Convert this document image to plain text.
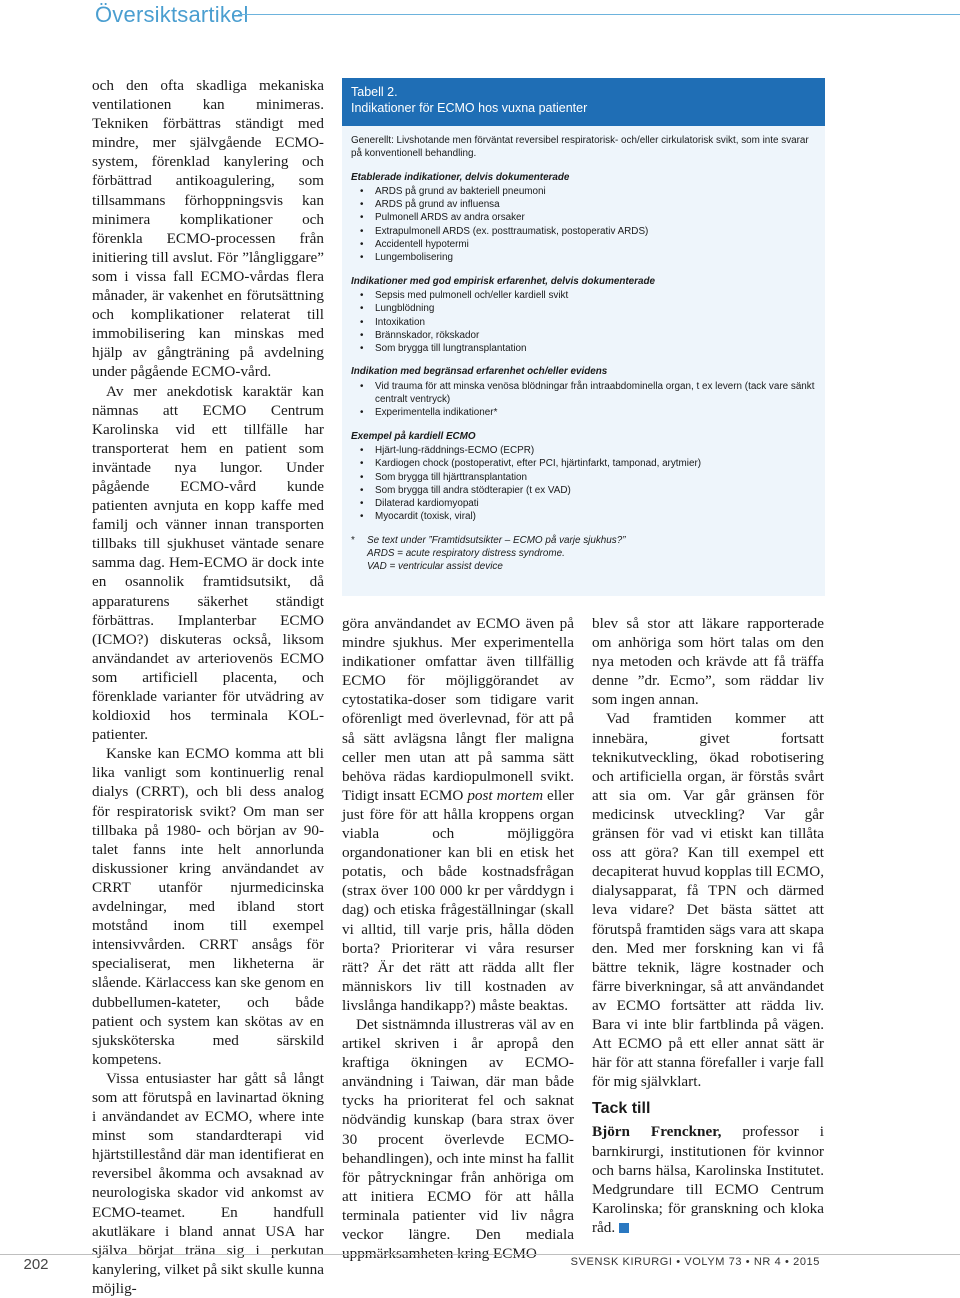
Översiktsartikel

och den ofta skadliga mekaniska ventilationen kan minimeras. Tekniken förbättras ständigt med mindre, mer självgående ECMO-system, förenklad kanylering och förbättrad antikoagulering, som tillsammans förhoppningsvis kan minimera komplikationer och förenkla ECMO-processen från initiering till avslut. För ”långliggare” som i vissa fall ECMO-vårdas flera månader, är vakenhet en förutsättning och komplikationer relaterat till immobilisering kan minskas med hjälp av gångträning på avdelning under pågående ECMO-vård.

Av mer anekdotisk karaktär kan nämnas att ECMO Centrum Karolinska vid ett tillfälle har transporterat hem en patient som inväntade nya lungor. Under pågående ECMO-vård kunde patienten avnjuta en kopp kaffe med familj och vänner innan transporten tillbaks till sjukhuset väntade senare samma dag. Hem-ECMO är dock inte en osannolik framtidsutsikt, då apparaturens säkerhet ständigt förbättras. Implanterbar ECMO (ICMO?) diskuteras också, liksom användandet av arteriovenös ECMO som artificiell placenta, och förenklade varianter för utvädring av koldioxid hos terminala KOL-patienter.

Kanske kan ECMO komma att bli lika vanligt som kontinuerlig renal dialys (CRRT), och bli dess analog för respiratorisk svikt? Om man ser tillbaka på 1980- och början av 90-talet fanns inte helt annorlunda diskussioner kring användandet av CRRT utanför njurmedicinska avdelningar, med ibland stort motstånd inom till exempel intensivvården. CRRT ansågs för specialiserat, men likheterna är slående. Kärlaccess kan ske genom en dubbellumen-kateter, och både patient och system kan skötas av en sjuksköterska med särskild kompetens.

Vissa entusiaster har gått så långt som att förutspå en lavinartad ökning i användandet av ECMO, where inte minst som standardterapi vid hjärtstillestånd där man identifierat en reversibel åkomma och avsaknad av neurologiska skador vid ankomst av ECMO-teamet. En handfull akutläkare i bland annat USA har själva börjat träna sig i perkutan kanylering, vilket på sikt skulle kunna möjlig-

Tabell 2.
Indikationer för ECMO hos vuxna patienter

Generellt: Livshotande men förväntat reversibel respiratorisk- och/eller cirkulatorisk svikt, som inte svarar på konventionell behandling.

Etablerade indikationer, delvis dokumenterade
• ARDS på grund av bakteriell pneumoni
• ARDS på grund av influensa
• Pulmonell ARDS av andra orsaker
• Extrapulmonell ARDS (ex. posttraumatisk, postoperativ ARDS)
• Accidentell hypotermi
• Lungembolisering
Indikationer med god empirisk erfarenhet, delvis dokumenterade
• Sepsis med pulmonell och/eller kardiell svikt
• Lungblödning
• Intoxikation
• Brännskador, rökskador
• Som brygga till lungtransplantation
Indikation med begränsad erfarenhet och/eller evidens
• Vid trauma för att minska venösa blödningar från intraabdominella organ, t ex levern (tack vare sänkt centralt ventryck)
• Experimentella indikationer*
Exempel på kardiell ECMO
• Hjärt-lung-räddnings-ECMO (ECPR)
• Kardiogen chock (postoperativt, efter PCI, hjärtinfarkt, tamponad, arytmier)
• Som brygga till hjärttransplantation
• Som brygga till andra stödterapier (t ex VAD)
• Dilaterad kardiomyopati
• Myocardit (toxisk, viral)
* Se text under ”Framtidsutsikter – ECMO på varje sjukhus?”
ARDS = acute respiratory distress syndrome.
VAD = ventricular assist device

göra användandet av ECMO även på mindre sjukhus. Mer experimentella indikationer omfattar även tillfällig ECMO för möjliggörandet av cytostatika-doser som tidigare varit oförenligt med överlevnad, för att på så sätt avlägsna långt fler maligna celler men utan att på samma sätt behöva rädas kardiopulmonell svikt. Tidigt insatt ECMO post mortem eller just före för att hålla kroppens organ viabla och möjliggöra organdonationer kan bli en etisk het potatis, och både kostnadsfrågan (strax över 100 000 kr per vårddygn i dag) och etiska frågeställningar (skall vi alltid, till varje pris, hålla döden borta? Prioriterar vi våra resurser rätt? Är det rätt att rädda allt fler människors liv till kostnaden av livslånga handikapp?) måste beaktas.

Det sistnämnda illustreras väl av en artikel skriven i år apropå den kraftiga ökningen av ECMO-användning i Taiwan, där man både tycks ha prioriterat fel och saknat nödvändig kunskap (bara strax över 30 procent överlevde ECMO-behandlingen), och inte minst ha fallit för påtryckningar från anhöriga om att initiera ECMO för att hålla terminala patienter vid liv några veckor längre. Den mediala uppmärksamheten kring ECMO

blev så stor att läkare rapporterade om anhöriga som hört talas om den nya metoden och krävde att få träffa denne ”dr. Ecmo”, som räddar liv som ingen annan.

Vad framtiden kommer att innebära, givet fortsatt teknikutveckling, ökad robotisering och artificiella organ, är förstås svårt att sia om. Var går gränsen för medicinsk utveckling? Var går gränsen för vad vi etiskt kan tillåta oss att göra? Kan till exempel ett decapiterat huvud kopplas till ECMO, dialysapparat, få TPN och därmed leva vidare? Det bästa sättet att förutspå framtiden sägs vara att skapa den. Med mer forskning kan vi få bättre teknik, lägre kostnader och färre biverkningar, så att användandet av ECMO fortsätter att rädda liv. Bara vi inte blir fartblinda på vägen. Att ECMO på ett eller annat sätt är här för att stanna förefaller i varje fall för mig självklart.

Tack till

Björn Frenckner, professor i barnkirurgi, institutionen för kvinnor och barns hälsa, Karolinska Institutet. Medgrundare till ECMO Centrum Karolinska; för granskning och kloka råd.

202	SVENSK KIRURGI • VOLYM 73 • NR 4 • 2015
